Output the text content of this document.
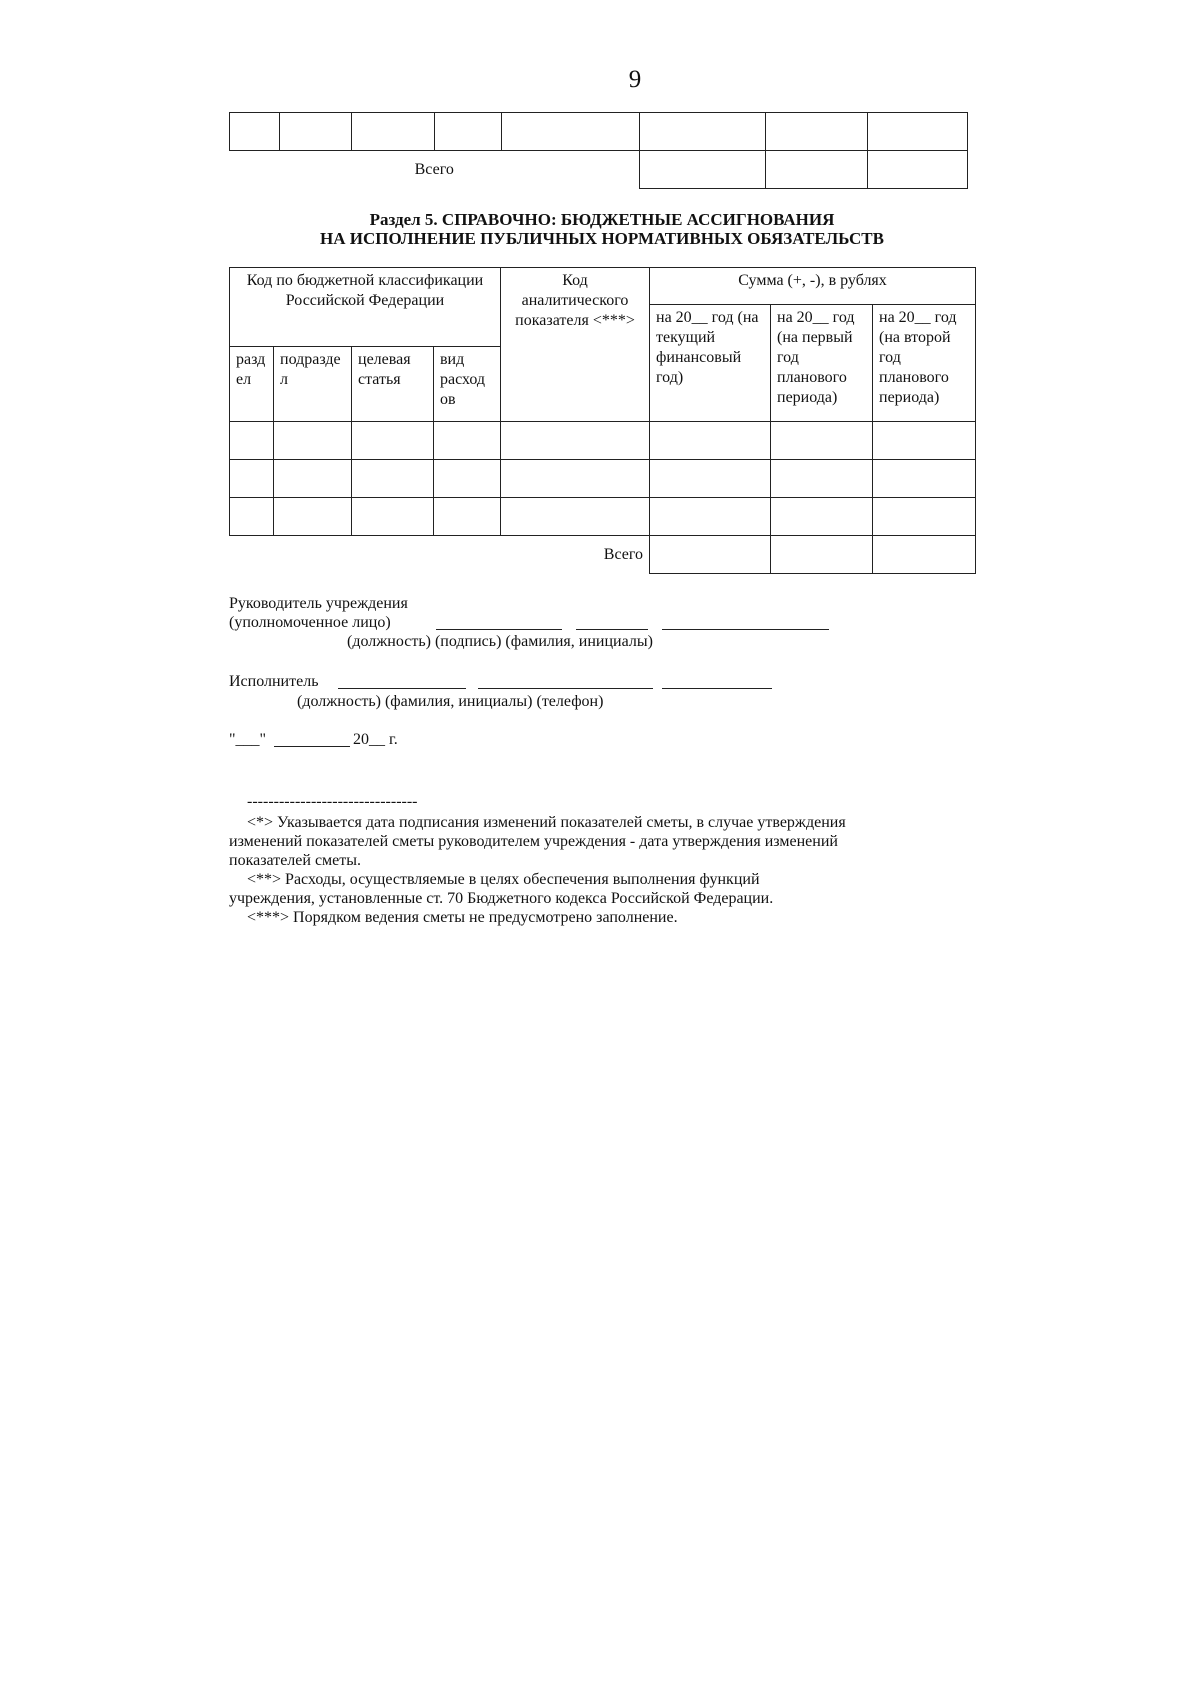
9

Всего							
Раздел 5. СПРАВОЧНО: БЮДЖЕТНЫЕ АССИГНОВАНИЯ
НА ИСПОЛНЕНИЕ ПУБЛИЧНЫХ НОРМАТИВНЫХ ОБЯЗАТЕЛЬСТВ
Код по бюджетной классификации Российской Федерации				Код аналитического показателя <***>	Сумма (+, -), в рублях		
					на 20__ год (на текущий финансовый год)	на 20__ год (на первый год планового периода)	на 20__ год (на второй год планового периода)
разд ел	подразде л	целевая статья	вид расход ов				

Всего							
Руководитель учреждения
(уполномоченное лицо)
(должность) (подпись) (фамилия, инициалы)
Исполнитель
(должность) (фамилия, инициалы) (телефон)
"___"	20__ г.

--------------------------------

<*> Указывается дата подписания изменений показателей сметы, в случае утверждения изменений показателей сметы руководителем учреждения - дата утверждения изменений показателей сметы.

<**> Расходы, осуществляемые в целях обеспечения выполнения функций учреждения, установленные ст. 70 Бюджетного кодекса Российской Федерации.

<***> Порядком ведения сметы не предусмотрено заполнение.
